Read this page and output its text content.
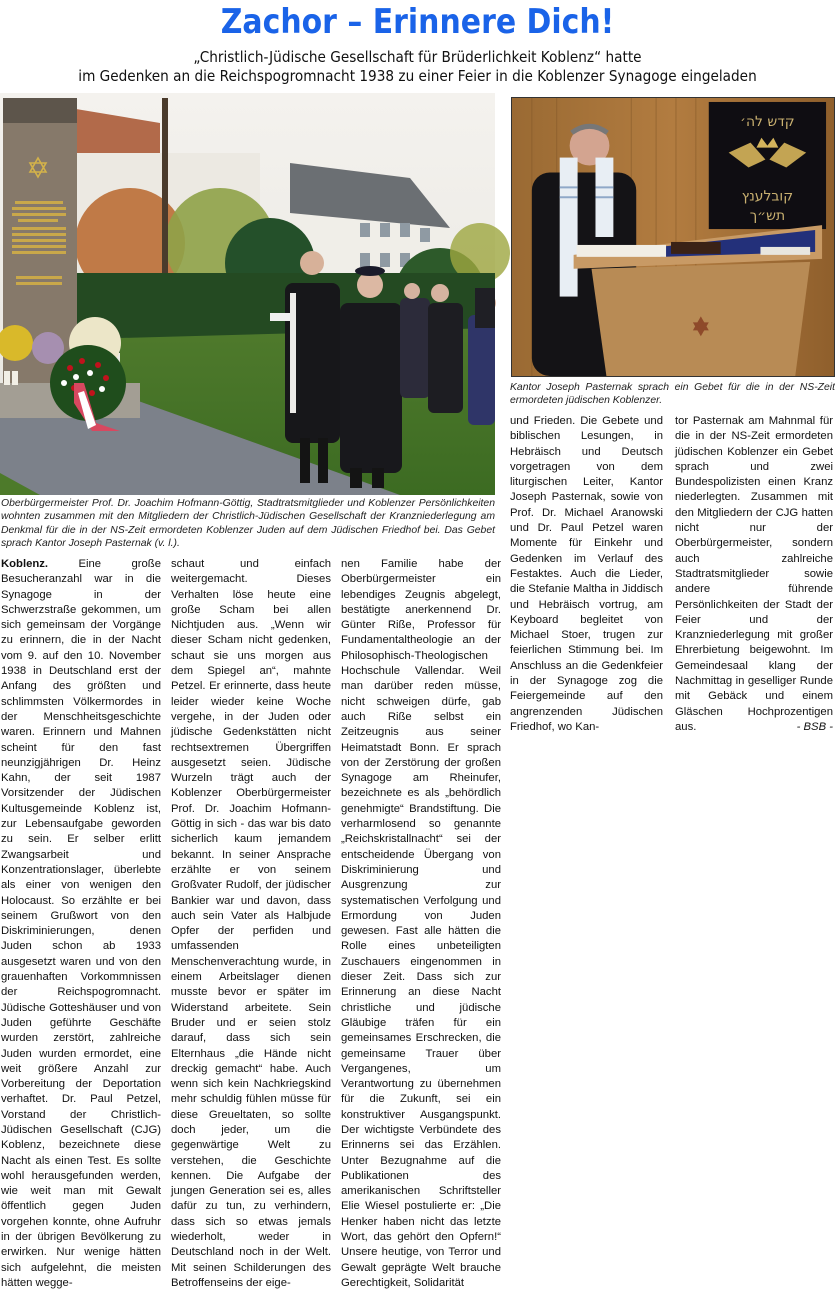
Zachor – Erinnere Dich!
„Christlich-Jüdische Gesellschaft für Brüderlichkeit Koblenz“ hatte
im Gedenken an die Reichspogromnacht 1938 zu einer Feier in die Koblenzer Synagoge eingeladen
Oberbürgermeister Prof. Dr. Joachim Hofmann-Göttig, Stadtratsmitglieder und Koblenzer Persönlichkeiten wohnten zusammen mit den Mitgliedern der Christlich-Jüdischen Gesellschaft der Kranzniederlegung am Denkmal für die in der NS-Zeit ermordeten Koblenzer Juden auf dem Jüdischen Friedhof bei. Das Gebet sprach Kantor Joseph Pasternak (v. l.).
קדש לה׳
קובלענץ
תש״ך
Kantor Joseph Pasternak sprach ein Gebet für die in der NS-Zeit ermordeten jüdischen Koblenzer.
Koblenz. Eine große Besucheranzahl war in die Synagoge in der Schwerzstraße gekommen, um sich gemeinsam der Vorgänge zu erinnern, die in der Nacht vom 9. auf den 10. November 1938 in Deutschland erst der Anfang des größten und schlimmsten Völkermordes in der Menschheitsgeschichte waren. Erinnern und Mahnen scheint für den fast neunzigjährigen Dr. Heinz Kahn, der seit 1987 Vorsitzender der Jüdischen Kultusgemeinde Koblenz ist, zur Lebensaufgabe geworden zu sein. Er selber erlitt Zwangsarbeit und Konzentrationslager, überlebte als einer von wenigen den Holocaust. So erzählte er bei seinem Grußwort von den Diskriminierungen, denen Juden schon ab 1933 ausgesetzt waren und von den grauenhaften Vorkommnissen der Reichspogromnacht. Jüdische Gotteshäuser und von Juden geführte Geschäfte wurden zerstört, zahlreiche Juden wurden ermordet, eine weit größere Anzahl zur Vorbereitung der Deportation verhaftet. Dr. Paul Petzel, Vorstand der Christlich-Jüdischen Gesellschaft (CJG) Koblenz, bezeichnete diese Nacht als einen Test. Es sollte wohl herausgefunden werden, wie weit man mit Gewalt öffentlich gegen Juden vorgehen konnte, ohne Aufruhr in der übrigen Bevölkerung zu erwirken. Nur wenige hätten sich aufgelehnt, die meisten hätten wegge-
schaut und einfach weitergemacht. Dieses Verhalten löse heute eine große Scham bei allen Nichtjuden aus. „Wenn wir dieser Scham nicht gedenken, schaut sie uns morgen aus dem Spiegel an“, mahnte Petzel. Er erinnerte, dass heute leider wieder keine Woche vergehe, in der Juden oder jüdische Gedenkstätten nicht rechtsextremen Übergriffen ausgesetzt seien. Jüdische Wurzeln trägt auch der Koblenzer Oberbürgermeister Prof. Dr. Joachim Hofmann-Göttig in sich - das war bis dato sicherlich kaum jemandem bekannt. In seiner Ansprache erzählte er von seinem Großvater Rudolf, der jüdischer Bankier war und davon, dass auch sein Vater als Halbjude Opfer der perfiden und umfassenden Menschenverachtung wurde, in einem Arbeitslager dienen musste bevor er später im Widerstand arbeitete. Sein Bruder und er seien stolz darauf, dass sich sein Elternhaus „die Hände nicht dreckig gemacht“ habe. Auch wenn sich kein Nachkriegskind mehr schuldig fühlen müsse für diese Greueltaten, so sollte doch jeder, um die gegenwärtige Welt zu verstehen, die Geschichte kennen. Die Aufgabe der jungen Generation sei es, alles dafür zu tun, zu verhindern, dass sich so etwas jemals wiederholt, weder in Deutschland noch in der Welt. Mit seinen Schilderungen des Betroffenseins der eige-
nen Familie habe der Oberbürgermeister ein lebendiges Zeugnis abgelegt, bestätigte anerkennend Dr. Günter Riße, Professor für Fundamentaltheologie an der Philosophisch-Theologischen Hochschule Vallendar. Weil man darüber reden müsse, nicht schweigen dürfe, gab auch Riße selbst ein Zeitzeugnis aus seiner Heimatstadt Bonn. Er sprach von der Zerstörung der großen Synagoge am Rheinufer, bezeichnete es als „behördlich genehmigte“ Brandstiftung. Die verharmlosend so genannte „Reichskristallnacht“ sei der entscheidende Übergang von Diskriminierung und Ausgrenzung zur systematischen Verfolgung und Ermordung von Juden gewesen. Fast alle hätten die Rolle eines unbeteiligten Zuschauers eingenommen in dieser Zeit. Dass sich zur Erinnerung an diese Nacht christliche und jüdische Gläubige träfen für ein gemeinsames Erschrecken, die gemeinsame Trauer über Vergangenes, um Verantwortung zu übernehmen für die Zukunft, sei ein konstruktiver Ausgangspunkt. Der wichtigste Verbündete des Erinnerns sei das Erzählen. Unter Bezugnahme auf die Publikationen des amerikanischen Schriftsteller Elie Wiesel postulierte er: „Die Henker haben nicht das letzte Wort, das gehört den Opfern!“ Unsere heutige, von Terror und Gewalt geprägte Welt brauche Gerechtigkeit, Solidarität
und Frieden. Die Gebete und biblischen Lesungen, in Hebräisch und Deutsch vorgetragen von dem liturgischen Leiter, Kantor Joseph Pasternak, sowie von Prof. Dr. Michael Aranowski und Dr. Paul Petzel waren Momente für Einkehr und Gedenken im Verlauf des Festaktes. Auch die Lieder, die Stefanie Maltha in Jiddisch und Hebräisch vortrug, am Keyboard begleitet von Michael Stoer, trugen zur feierlichen Stimmung bei. Im Anschluss an die Gedenkfeier in der Synagoge zog die Feiergemeinde auf den angrenzenden Jüdischen Friedhof, wo Kan-
tor Pasternak am Mahnmal für die in der NS-Zeit ermordeten jüdischen Koblenzer ein Gebet sprach und zwei Bundespolizisten einen Kranz niederlegten. Zusammen mit den Mitgliedern der CJG hatten nicht nur der Oberbürgermeister, sondern auch zahlreiche Stadtratsmitglieder sowie andere führende Persönlichkeiten der Stadt der Feier und der Kranzniederlegung mit großer Ehrerbietung beigewohnt. Im Gemeindesaal klang der Nachmittag in geselliger Runde mit Gebäck und einem Gläschen Hochprozentigen aus.	- BSB -
